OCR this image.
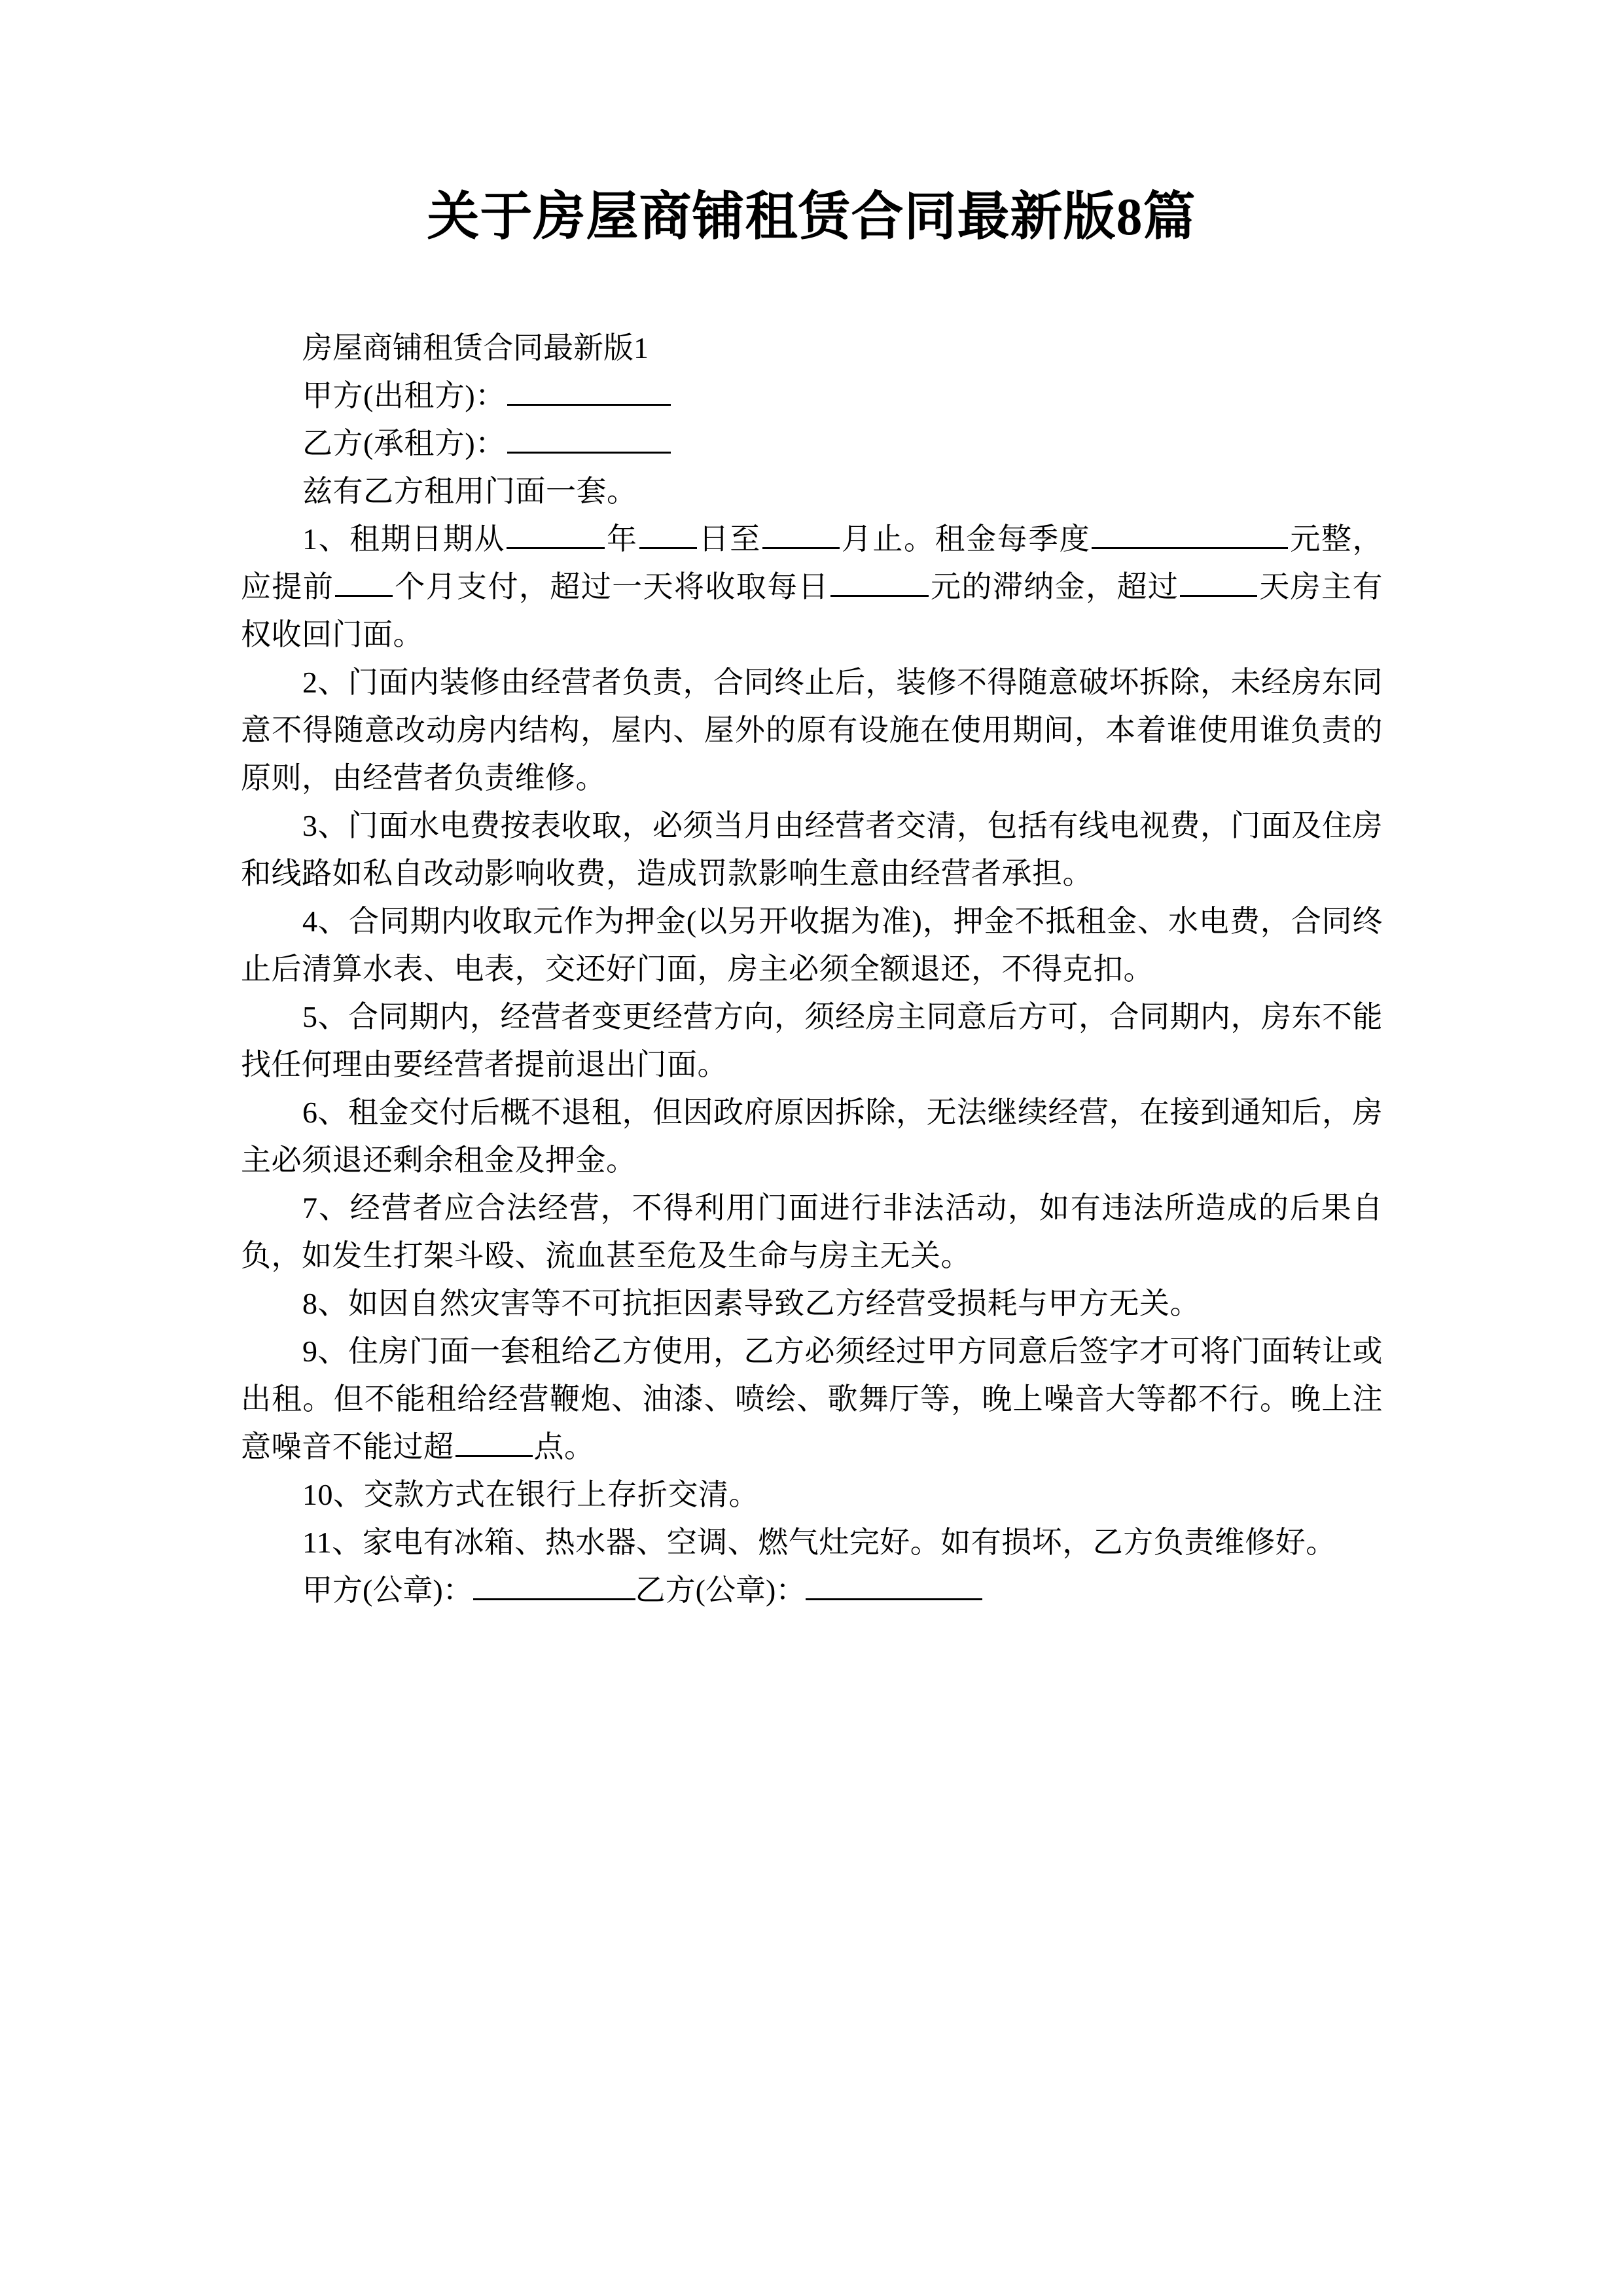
关于房屋商铺租赁合同最新版8篇

房屋商铺租赁合同最新版1

甲方(出租方)：

乙方(承租方)：

兹有乙方租用门面一套。

1、租期日期从	年 日至	月止。租金每季度	元整，应提前 个月支付，超过一天将收取每日	元的滞纳金，超过	天房主有权收回门面。

2、门面内装修由经营者负责，合同终止后，装修不得随意破坏拆除，未经房东同意不得随意改动房内结构，屋内、屋外的原有设施在使用期间，本着谁使用谁负责的原则，由经营者负责维修。

3、门面水电费按表收取，必须当月由经营者交清，包括有线电视费，门面及住房和线路如私自改动影响收费，造成罚款影响生意由经营者承担。

4、合同期内收取元作为押金(以另开收据为准)，押金不抵租金、水电费，合同终止后清算水表、电表，交还好门面，房主必须全额退还，不得克扣。

5、合同期内，经营者变更经营方向，须经房主同意后方可，合同期内，房东不能找任何理由要经营者提前退出门面。

6、租金交付后概不退租，但因政府原因拆除，无法继续经营，在接到通知后，房主必须退还剩余租金及押金。

7、经营者应合法经营，不得利用门面进行非法活动，如有违法所造成的后果自负，如发生打架斗殴、流血甚至危及生命与房主无关。

8、如因自然灾害等不可抗拒因素导致乙方经营受损耗与甲方无关。

9、住房门面一套租给乙方使用，乙方必须经过甲方同意后签字才可将门面转让或出租。但不能租给经营鞭炮、油漆、喷绘、歌舞厅等，晚上噪音大等都不行。晚上注意噪音不能过超	点。

10、交款方式在银行上存折交清。

11、家电有冰箱、热水器、空调、燃气灶完好。如有损坏，乙方负责维修好。

甲方(公章)：	乙方(公章)：
